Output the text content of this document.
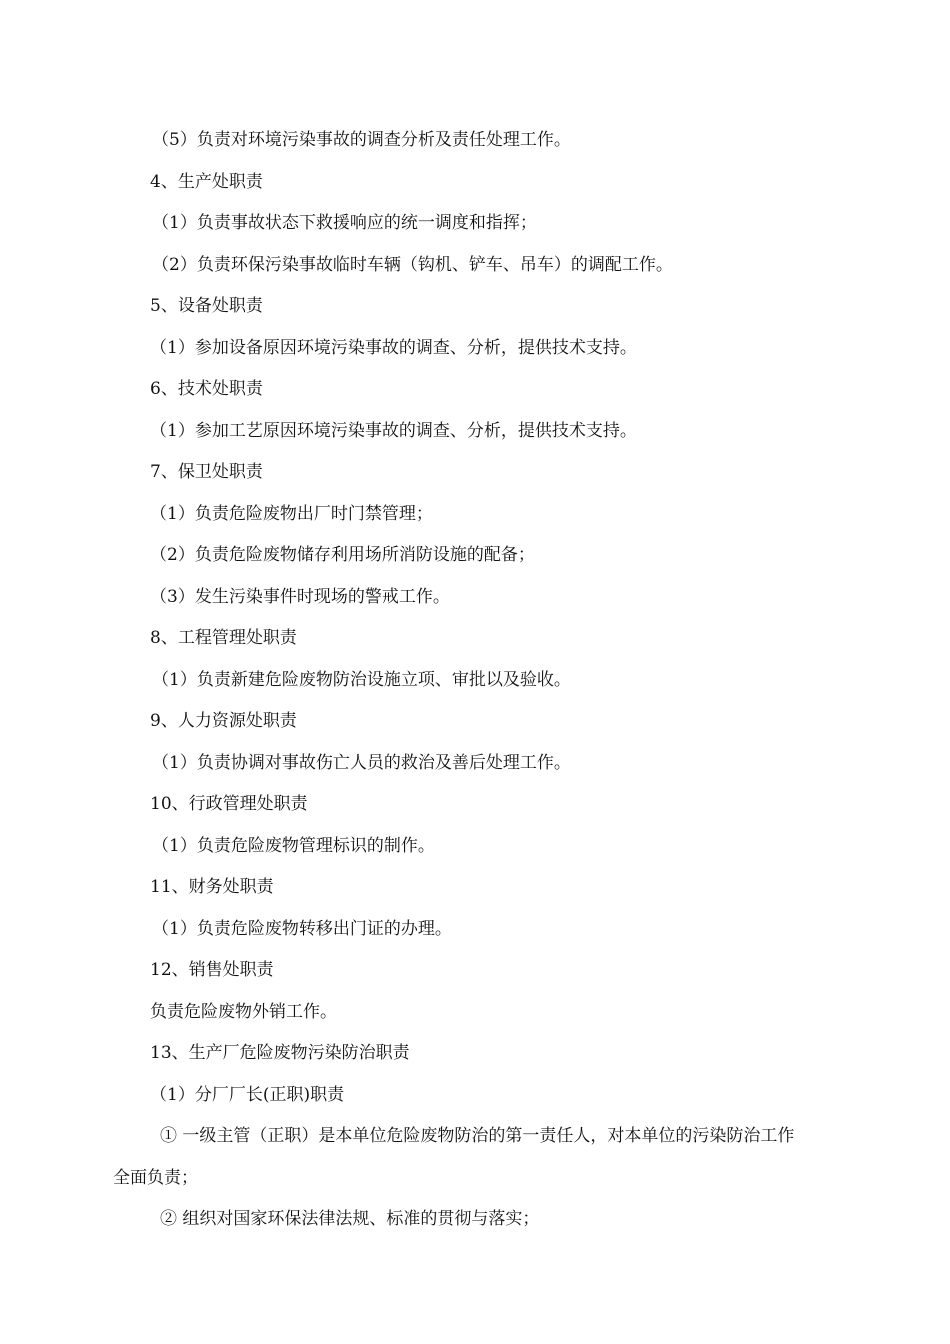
（5）负责对环境污染事故的调查分析及责任处理工作。
4、生产处职责
（1）负责事故状态下救援响应的统一调度和指挥；
（2）负责环保污染事故临时车辆（钩机、铲车、吊车）的调配工作。
5、设备处职责
（1）参加设备原因环境污染事故的调查、分析，提供技术支持。
6、技术处职责
（1）参加工艺原因环境污染事故的调查、分析，提供技术支持。
7、保卫处职责
（1）负责危险废物出厂时门禁管理；
（2）负责危险废物储存利用场所消防设施的配备；
（3）发生污染事件时现场的警戒工作。
8、工程管理处职责
（1）负责新建危险废物防治设施立项、审批以及验收。
9、人力资源处职责
（1）负责协调对事故伤亡人员的救治及善后处理工作。
10、行政管理处职责
（1）负责危险废物管理标识的制作。
11、财务处职责
（1）负责危险废物转移出门证的办理。
12、销售处职责
负责危险废物外销工作。
13、生产厂危险废物污染防治职责
（1）分厂厂长(正职)职责
① 一级主管（正职）是本单位危险废物防治的第一责任人，对本单位的污染防治工作
全面负责；
② 组织对国家环保法律法规、标准的贯彻与落实；
